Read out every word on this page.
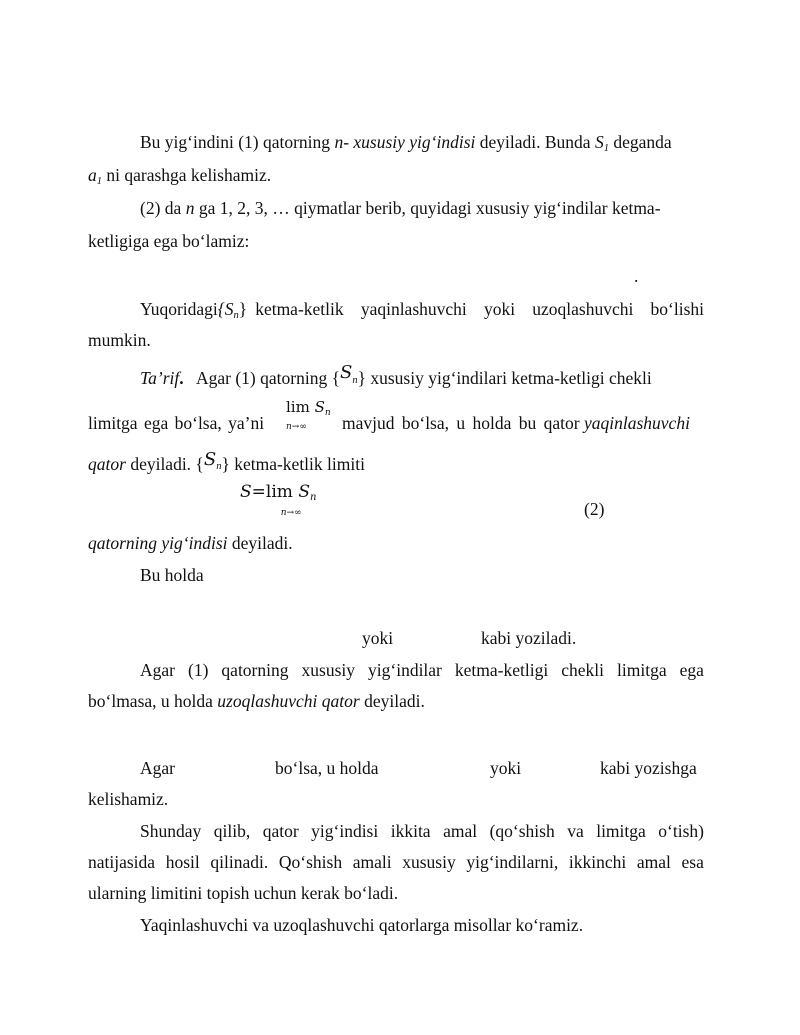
Bu yig‘indini (1) qatorning n- xususiy yig‘indisi deyiladi. Bunda $S_1$ deganda
$a_1$ ni qarashga kelishamiz.
(2) da n ga 1, 2, 3, … qiymatlar berib, quyidagi xususiy yig‘indilar ketma-
ketligiga ega bo‘lamiz:
.
Yuqoridagi $\{S_n\}$ ketma-ketlik yaqinlashuvchi yoki uzoqlashuvchi bo‘lishi
mumkin.
Ta’rif. Agar (1) qatorning $\{S_n\}$ xususiy yig‘indilari ketma-ketligi chekli
$\lim S_n$
n→∞
limitga ega bo‘lsa, ya’ni	mavjud bo‘lsa, u holda bu qator yaqinlashuvchi
qator deyiladi. $\{S_n\}$ ketma-ketlik limiti
S=lim $S_n$
n→∞	(2)
qatorning yig‘indisi deyiladi.
Bu holda
yoki	kabi yoziladi.
Agar (1) qatorning xususiy yig‘indilar ketma-ketligi chekli limitga ega
bo‘lmasa, u holda uzoqlashuvchi qator deyiladi.
Agar	bo‘lsa, u holda	yoki	kabi yozishga
kelishamiz.
Shunday qilib, qator yig‘indisi ikkita amal (qo‘shish va limitga o‘tish)
natijasida hosil qilinadi. Qo‘shish amali xususiy yig‘indilarni, ikkinchi amal esa
ularning limitini topish uchun kerak bo‘ladi.
Yaqinlashuvchi va uzoqlashuvchi qatorlarga misollar ko‘ramiz.
